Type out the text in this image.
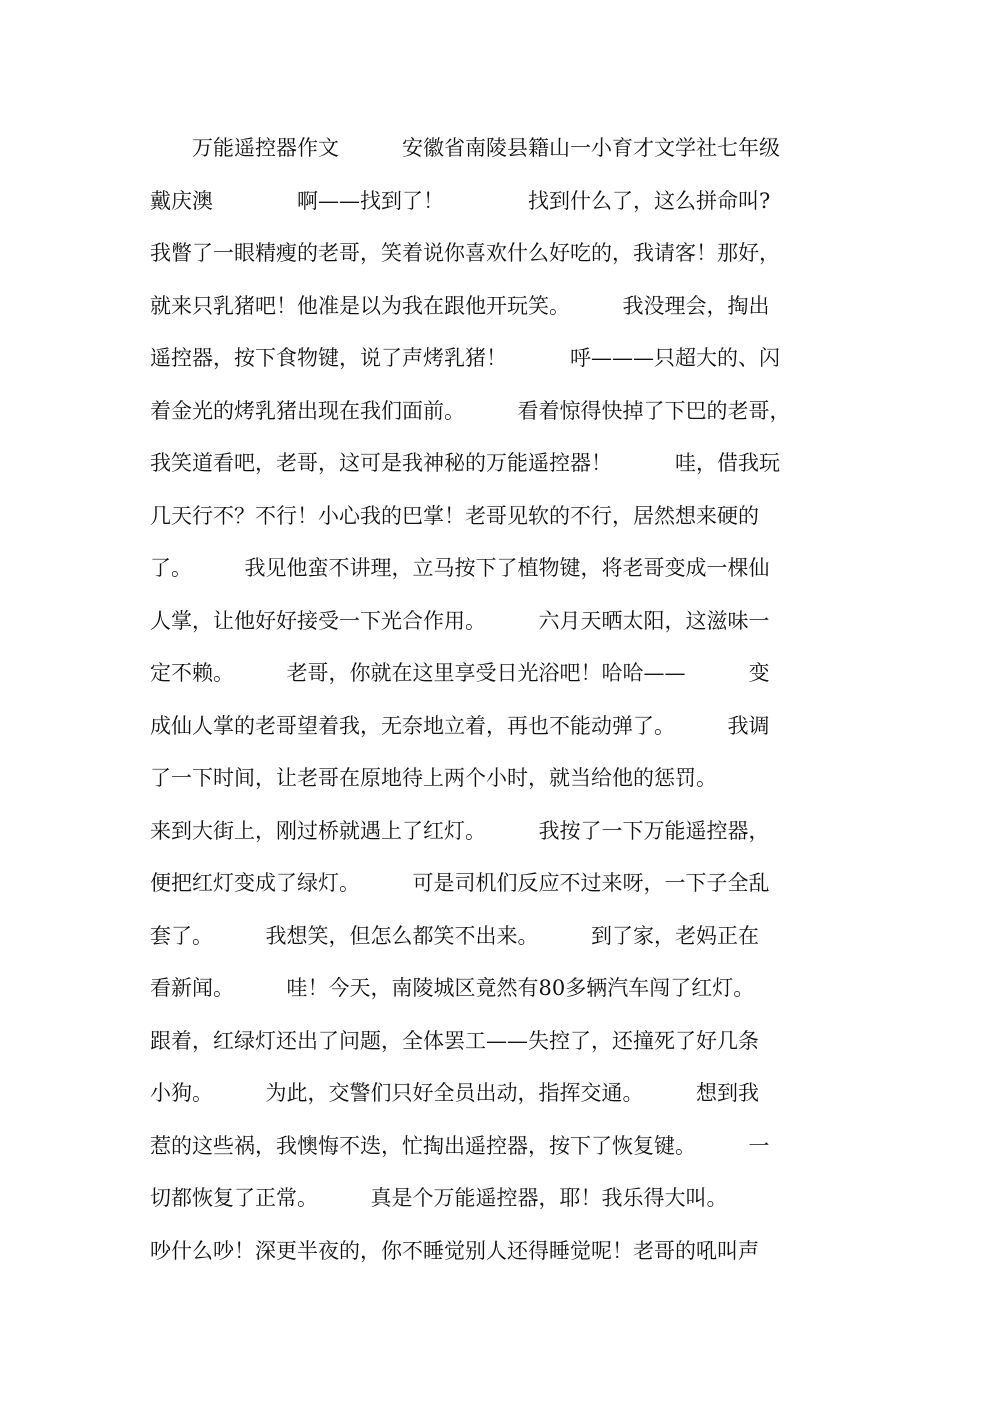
　　万能遥控器作文　　　安徽省南陵县籍山一小育才文学社七年级
戴庆澳　　　　啊——找到了！　　　　找到什么了，这么拼命叫?
我瞥了一眼精瘦的老哥，笑着说你喜欢什么好吃的，我请客！那好，
就来只乳猪吧！他准是以为我在跟他开玩笑。　　　我没理会，掏出
遥控器，按下食物键，说了声烤乳猪！　　　呼———只超大的、闪
着金光的烤乳猪出现在我们面前。　　　看着惊得快掉了下巴的老哥，
我笑道看吧，老哥，这可是我神秘的万能遥控器！　　　哇，借我玩
几天行不？不行！小心我的巴掌！老哥见软的不行，居然想来硬的
了。　　　我见他蛮不讲理，立马按下了植物键，将老哥变成一棵仙
人掌，让他好好接受一下光合作用。　　　六月天晒太阳，这滋味一
定不赖。　　　老哥，你就在这里享受日光浴吧！哈哈——　　　变
成仙人掌的老哥望着我，无奈地立着，再也不能动弹了。　　　我调
了一下时间，让老哥在原地待上两个小时，就当给他的惩罚。
来到大街上，刚过桥就遇上了红灯。　　　我按了一下万能遥控器，
便把红灯变成了绿灯。　　　可是司机们反应不过来呀，一下子全乱
套了。　　　我想笑，但怎么都笑不出来。　　　到了家，老妈正在
看新闻。　　　哇！今天，南陵城区竟然有80多辆汽车闯了红灯。
跟着，红绿灯还出了问题，全体罢工——失控了，还撞死了好几条
小狗。　　　为此，交警们只好全员出动，指挥交通。　　　想到我
惹的这些祸，我懊悔不迭，忙掏出遥控器，按下了恢复键。　　　一
切都恢复了正常。　　　真是个万能遥控器，耶！我乐得大叫。
吵什么吵！深更半夜的，你不睡觉别人还得睡觉呢！老哥的吼叫声
